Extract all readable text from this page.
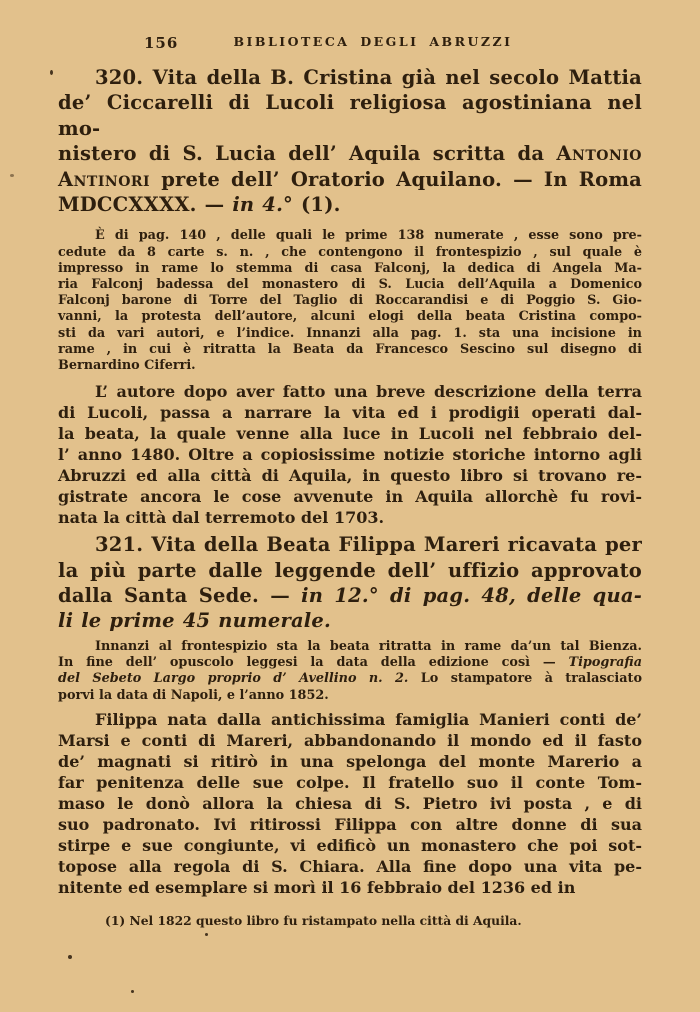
156	BIBLIOTECA DEGLI ABRUZZI
320. Vita della B. Cristina già nel secolo Mattia
de’ Ciccarelli di Lucoli religiosa agostiniana nel mo-
nistero di S. Lucia dell’ Aquila scritta da Antonio
Antinori prete dell’ Oratorio Aquilano. — In Roma
MDCCXXXX. — in 4.° (1).
È di pag. 140 , delle quali le prime 138 numerate , esse sono pre-
cedute da 8 carte s. n. , che contengono il frontespizio , sul quale è
impresso in rame lo stemma di casa Falconj, la dedica di Angela Ma-
ria Falconj badessa del monastero di S. Lucia dell’Aquila a Domenico
Falconj barone di Torre del Taglio di Roccarandisi e di Poggio S. Gio-
vanni, la protesta dell’autore, alcuni elogi della beata Cristina compo-
sti da vari autori, e l’indice. Innanzi alla pag. 1. sta una incisione in
rame , in cui è ritratta la Beata da Francesco Sescino sul disegno di
Bernardino Ciferri.
L’ autore dopo aver fatto una breve descrizione della terra
di Lucoli, passa a narrare la vita ed i prodigii operati dal-
la beata, la quale venne alla luce in Lucoli nel febbraio del-
l’ anno 1480. Oltre a copiosissime notizie storiche intorno agli
Abruzzi ed alla città di Aquila, in questo libro si trovano re-
gistrate ancora le cose avvenute in Aquila allorchè fu rovi-
nata la città dal terremoto del 1703.
321. Vita della Beata Filippa Mareri ricavata per
la più parte dalle leggende dell’ uffizio approvato
dalla Santa Sede. — in 12.° di pag. 48, delle qua-
li le prime 45 numerale.
Innanzi al frontespizio sta la beata ritratta in rame da’un tal Bienza.
In fine dell’ opuscolo leggesi la data della edizione così — Tipografia
del Sebeto Largo proprio d’ Avellino n. 2. Lo stampatore à tralasciato
porvi la data di Napoli, e l’anno 1852.
Filippa nata dalla antichissima famiglia Manieri conti de’
Marsi e conti di Mareri, abbandonando il mondo ed il fasto
de’ magnati si ritirò in una spelonga del monte Marerio a
far penitenza delle sue colpe. Il fratello suo il conte Tom-
maso le donò allora la chiesa di S. Pietro ivi posta , e di
suo padronato. Ivi ritirossi Filippa con altre donne di sua
stirpe e sue congiunte, vi edificò un monastero che poi sot-
topose alla regola di S. Chiara. Alla fine dopo una vita pe-
nitente ed esemplare si morì il 16 febbraio del 1236 ed in
(1) Nel 1822 questo libro fu ristampato nella città di Aquila.
